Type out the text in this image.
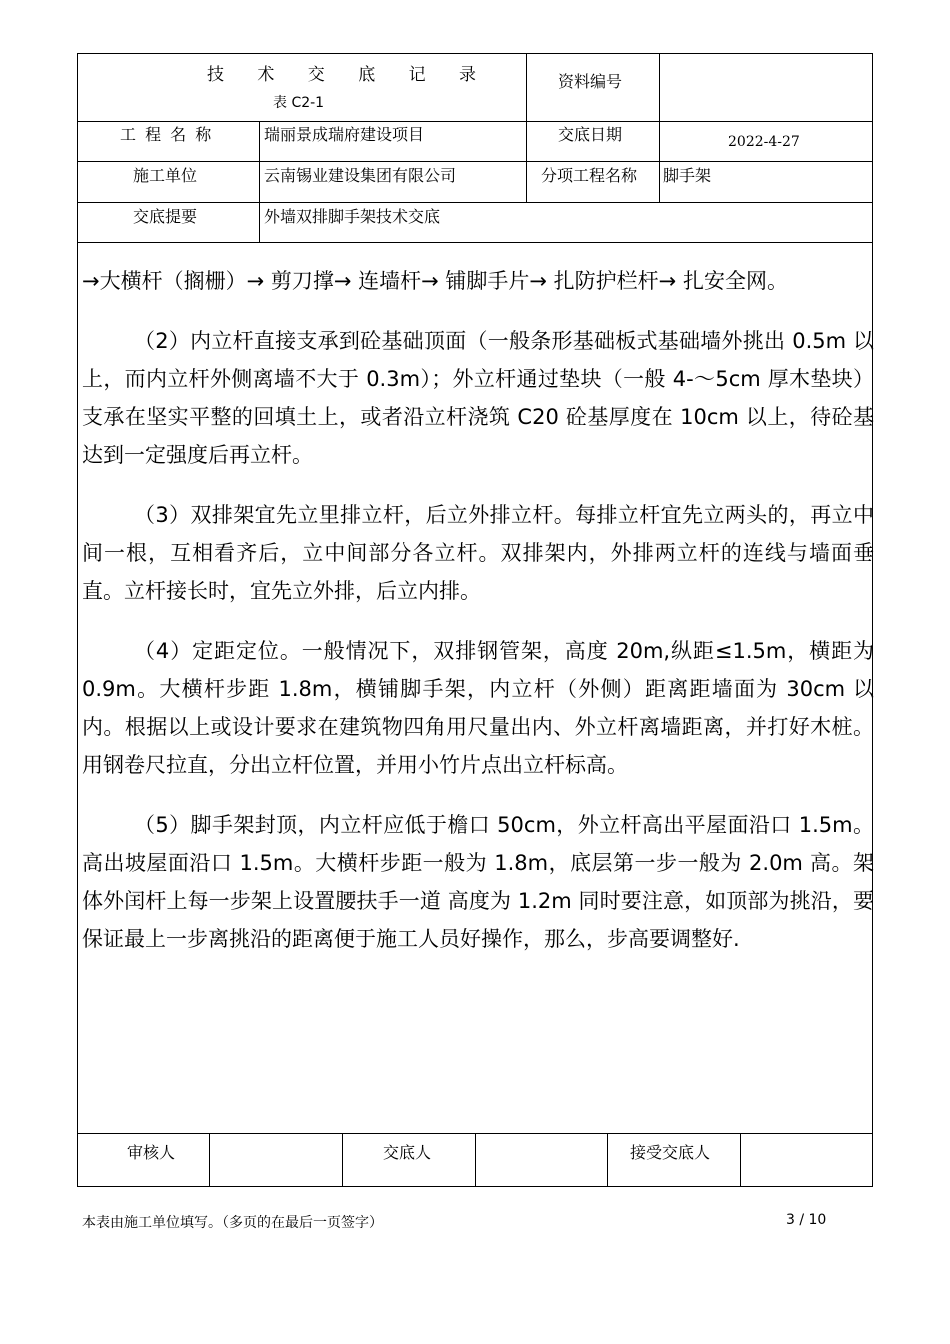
技 术 交 底 记 录
表 C2-1
资料编号
工 程 名 称	瑞丽景成瑞府建设项目	交底日期	2022-4-27
施工单位	云南锡业建设集团有限公司	分项工程名称 脚手架
交底提要	外墙双排脚手架技术交底

→大横杆（搁栅）→ 剪刀撑→ 连墙杆→ 铺脚手片→ 扎防护栏杆→ 扎安全网。

（2）内立杆直接支承到砼基础顶面（一般条形基础板式基础墙外挑出 0.5m 以上，而内立杆外侧离墙不大于 0.3m）；外立杆通过垫块（一般 4-～5cm 厚木垫块）支承在坚实平整的回填土上，或者沿立杆浇筑 C20 砼基厚度在 10cm 以上，待砼基达到一定强度后再立杆。

（3）双排架宜先立里排立杆，后立外排立杆。每排立杆宜先立两头的，再立中间一根，互相看齐后，立中间部分各立杆。双排架内，外排两立杆的连线与墙面垂直。立杆接长时，宜先立外排，后立内排。

（4）定距定位。一般情况下，双排钢管架，高度 20m,纵距≤1.5m，横距为 0.9m。大横杆步距 1.8m，横铺脚手架，内立杆（外侧）距离距墙面为 30cm 以内。根据以上或设计要求在建筑物四角用尺量出内、外立杆离墙距离，并打好木桩。用钢卷尺拉直，分出立杆位置，并用小竹片点出立杆标高。

（5）脚手架封顶，内立杆应低于檐口 50cm，外立杆高出平屋面沿口 1.5m。高出坡屋面沿口 1.5m。大横杆步距一般为 1.8m，底层第一步一般为 2.0m 高。架体外闰杆上每一步架上设置腰扶手一道 高度为 1.2m 同时要注意，如顶部为挑沿，要保证最上一步离挑沿的距离便于施工人员好操作，那么，步高要调整好.

审核人	交底人	接受交底人
本表由施工单位填写。（多页的在最后一页签字）	3 / 10
